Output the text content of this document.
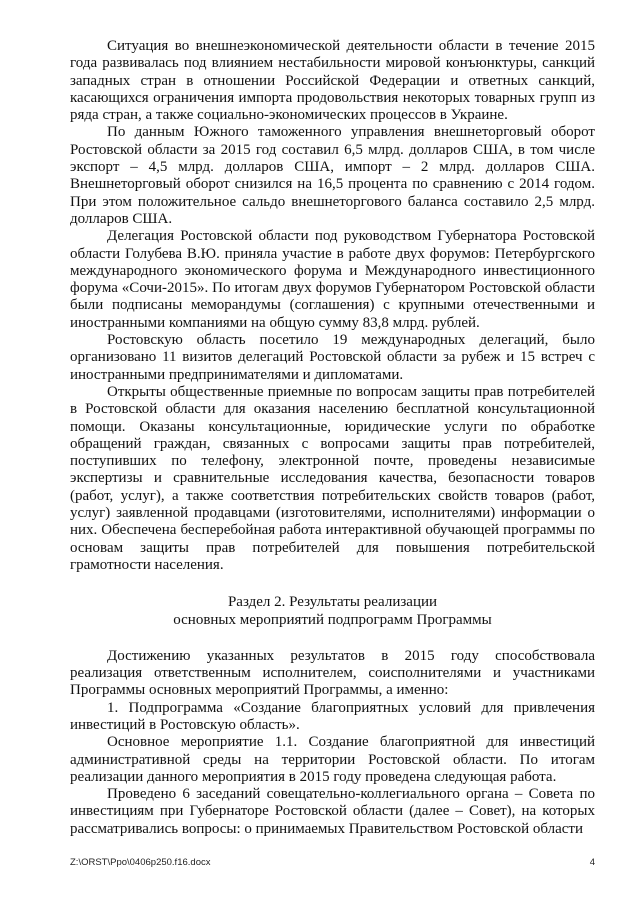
Ситуация во внешнеэкономической деятельности области в течение 2015 года развивалась под влиянием нестабильности мировой конъюнктуры, санкций западных стран в отношении Российской Федерации и ответных санкций, касающихся ограничения импорта продовольствия некоторых товарных групп из ряда стран, а также социально-экономических процессов в Украине.

По данным Южного таможенного управления внешнеторговый оборот Ростовской области за 2015 год составил 6,5 млрд. долларов США, в том числе экспорт – 4,5 млрд. долларов США, импорт – 2 млрд. долларов США. Внешнеторговый оборот снизился на 16,5 процента по сравнению с 2014 годом. При этом положительное сальдо внешнеторгового баланса составило 2,5 млрд. долларов США.

Делегация Ростовской области под руководством Губернатора Ростовской области Голубева В.Ю. приняла участие в работе двух форумов: Петербургского международного экономического форума и Международного инвестиционного форума «Сочи-2015». По итогам двух форумов Губернатором Ростовской области были подписаны меморандумы (соглашения) с крупными отечественными и иностранными компаниями на общую сумму 83,8 млрд. рублей.

Ростовскую область посетило 19 международных делегаций, было организовано 11 визитов делегаций Ростовской области за рубеж и 15 встреч с иностранными предпринимателями и дипломатами.

Открыты общественные приемные по вопросам защиты прав потребителей в Ростовской области для оказания населению бесплатной консультационной помощи. Оказаны консультационные, юридические услуги по обработке обращений граждан, связанных с вопросами защиты прав потребителей, поступивших по телефону, электронной почте, проведены независимые экспертизы и сравнительные исследования качества, безопасности товаров (работ, услуг), а также соответствия потребительских свойств товаров (работ, услуг) заявленной продавцами (изготовителями, исполнителями) информации о них. Обеспечена бесперебойная работа интерактивной обучающей программы по основам защиты прав потребителей для повышения потребительской грамотности населения.

Раздел 2. Результаты реализации
основных мероприятий подпрограмм Программы

Достижению указанных результатов в 2015 году способствовала реализация ответственным исполнителем, соисполнителями и участниками Программы основных мероприятий Программы, а именно:

1. Подпрограмма «Создание благоприятных условий для привлечения инвестиций в Ростовскую область».

Основное мероприятие 1.1. Создание благоприятной для инвестиций административной среды на территории Ростовской области. По итогам реализации данного мероприятия в 2015 году проведена следующая работа.

Проведено 6 заседаний совещательно-коллегиального органа – Совета по инвестициям при Губернаторе Ростовской области (далее – Совет), на которых рассматривались вопросы: о принимаемых Правительством Ростовской области

Z:\ORST\Ppo\0406p250.f16.docx	4
